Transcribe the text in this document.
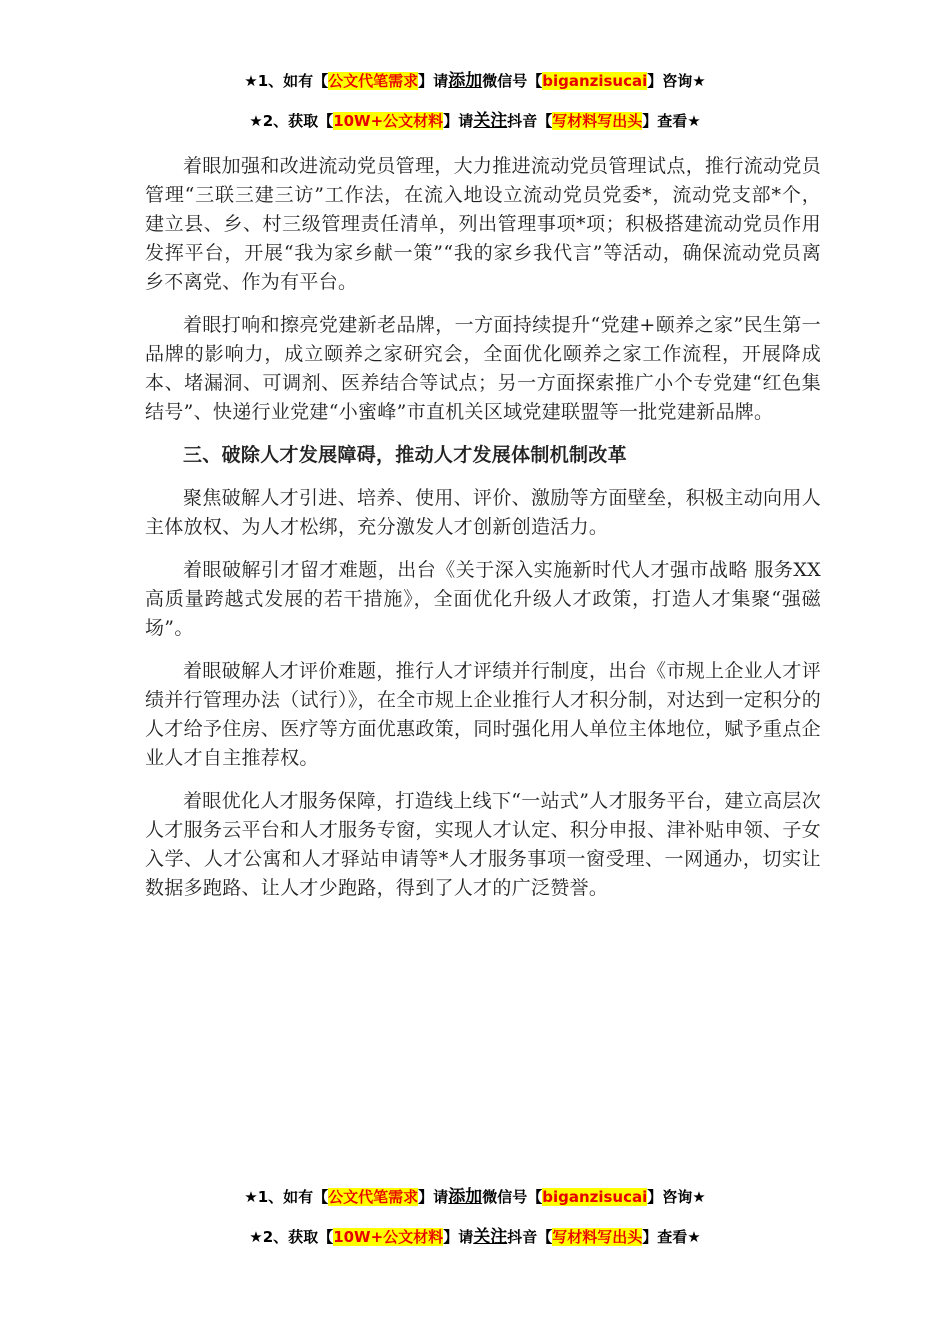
★1、如有【公文代笔需求】请添加微信号【biganzisucai】咨询★
★2、获取【10W+公文材料】请关注抖音【写材料写出头】查看★

着眼加强和改进流动党员管理，大力推进流动党员管理试点，推行流动党员管理“三联三建三访”工作法，在流入地设立流动党员党委*，流动党支部*个，建立县、乡、村三级管理责任清单，列出管理事项*项；积极搭建流动党员作用发挥平台，开展“我为家乡献一策”“我的家乡我代言”等活动，确保流动党员离乡不离党、作为有平台。

着眼打响和擦亮党建新老品牌，一方面持续提升“党建+颐养之家”民生第一品牌的影响力，成立颐养之家研究会，全面优化颐养之家工作流程，开展降成本、堵漏洞、可调剂、医养结合等试点；另一方面探索推广小个专党建“红色集结号”、快递行业党建“小蜜峰”市直机关区域党建联盟等一批党建新品牌。

三、破除人才发展障碍，推动人才发展体制机制改革

聚焦破解人才引进、培养、使用、评价、激励等方面壁垒，积极主动向用人主体放权、为人才松绑，充分激发人才创新创造活力。

着眼破解引才留才难题，出台《关于深入实施新时代人才强市战略 服务XX高质量跨越式发展的若干措施》，全面优化升级人才政策，打造人才集聚“强磁场”。

着眼破解人才评价难题，推行人才评绩并行制度，出台《市规上企业人才评绩并行管理办法（试行）》，在全市规上企业推行人才积分制，对达到一定积分的人才给予住房、医疗等方面优惠政策，同时强化用人单位主体地位，赋予重点企业人才自主推荐权。

着眼优化人才服务保障，打造线上线下“一站式”人才服务平台，建立高层次人才服务云平台和人才服务专窗，实现人才认定、积分申报、津补贴申领、子女入学、人才公寓和人才驿站申请等*人才服务事项一窗受理、一网通办，切实让数据多跑路、让人才少跑路，得到了人才的广泛赞誉。

★1、如有【公文代笔需求】请添加微信号【biganzisucai】咨询★
★2、获取【10W+公文材料】请关注抖音【写材料写出头】查看★
